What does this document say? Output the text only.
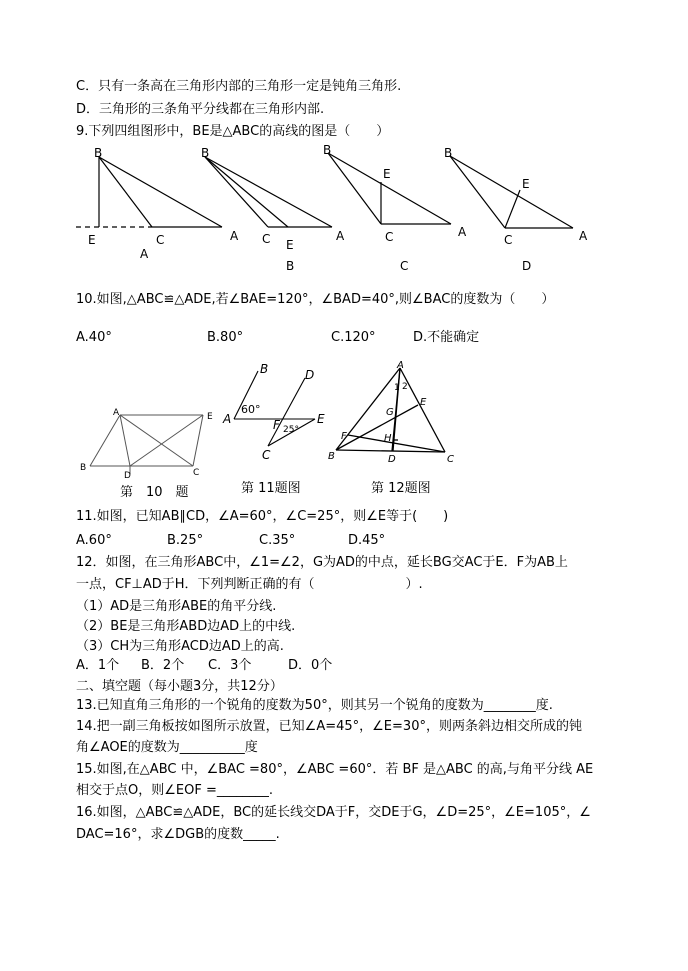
C．只有一条高在三角形内部的三角形一定是钝角三角形.
D．三角形的三条角平分线都在三角形内部.
9.下列四组图形中，BE是△ABC的高线的图是（　　）
B
E	C	A
A
B
C E
A
B
B
E
C	A
C
B
E
C	A
D
10.如图,△ABC≌△ADE,若∠BAE=120°，∠BAD=40°,则∠BAC的度数为（　　）
A.40°	B.80°	C.120°	D.不能确定
A	E
B
D	C
A
B	D
E
F
C
60°
25°
A
1 2
E
G
F	H
B	D	C
第　10　题	第 11题图	第 12题图
11.如图，已知AB∥CD，∠A=60°，∠C=25°，则∠E等于(　　)
A.60°	B.25°	C.35°	D.45°
12．如图，在三角形ABC中，∠1=∠2，G为AD的中点，延长BG交AC于E．F为AB上
一点，CF⊥AD于H．下列判断正确的有（　　　　　　　）.
（1）AD是三角形ABE的角平分线.
（2）BE是三角形ABD边AD上的中线.
（3）CH为三角形ACD边AD上的高.
A．1个 B．2个 C．3个	D．0个
二、填空题（每小题3分，共12分）
13.已知直角三角形的一个锐角的度数为50°，则其另一个锐角的度数为________度.
14.把一副三角板按如图所示放置，已知∠A=45°，∠E=30°，则两条斜边相交所成的钝
角∠AOE的度数为__________度
15.如图,在△ABC 中，∠BAC =80°，∠ABC =60°．若 BF 是△ABC 的高,与角平分线 AE
相交于点O，则∠EOF =________.
16.如图，△ABC≌△ADE，BC的延长线交DA于F，交DE于G，∠D=25°，∠E=105°，∠
DAC=16°，求∠DGB的度数_____.
